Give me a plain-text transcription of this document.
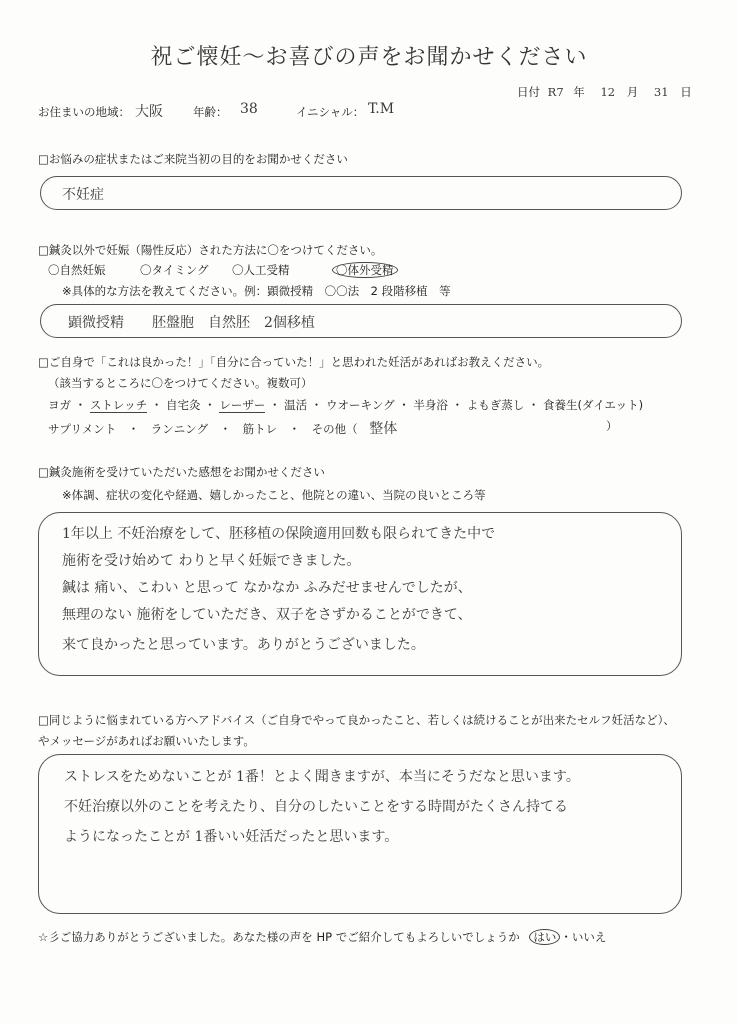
祝ご懐妊～お喜びの声をお聞かせください
日付 R7 年 12 月 31 日
お住まいの地域： 大阪	年齢： 38	イニシャル： T.M
□お悩みの症状またはご来院当初の目的をお聞かせください
不妊症
□鍼灸以外で妊娠（陽性反応）された方法に〇をつけてください。
〇自然妊娠	〇タイミング 〇人工受精	〇体外受精
※具体的な方法を教えてください。例：顕微授精　〇〇法　2 段階移植　等
顕微授精　　胚盤胞　自然胚　2個移植
□ご自身で「これは良かった！」「自分に合っていた！」と思われた妊活があればお教えください。
（該当するところに〇をつけてください。複数可）
ヨガ ・ ストレッチ ・ 自宅灸 ・ レーザー ・ 温活 ・ ウオーキング ・ 半身浴 ・ よもぎ蒸し ・ 食養生(ダイエット)
サプリメント　・　ランニング　・　筋トレ　・　その他（ 整体	）
□鍼灸施術を受けていただいた感想をお聞かせください
※体調、症状の変化や経過、嬉しかったこと、他院との違い、当院の良いところ等
1年以上 不妊治療をして、胚移植の保険適用回数も限られてきた中で
施術を受け始めて わりと早く妊娠できました。
鍼は 痛い、こわい と思って なかなか ふみだせませんでしたが、
無理のない 施術をしていただき、双子をさずかることができて、
来て良かったと思っています。ありがとうございました。
□同じように悩まれている方へアドバイス（ご自身でやって良かったこと、若しくは続けることが出来たセルフ妊活など）、
やメッセージがあればお願いいたします。
ストレスをためないことが 1番！とよく聞きますが、本当にそうだなと思います。
不妊治療以外のことを考えたり、自分のしたいことをする時間がたくさん持てる
ようになったことが 1番いい妊活だったと思います。
☆彡ご協力ありがとうございました。あなた様の声を HP でご紹介してもよろしいでしょうか はい ・いいえ
